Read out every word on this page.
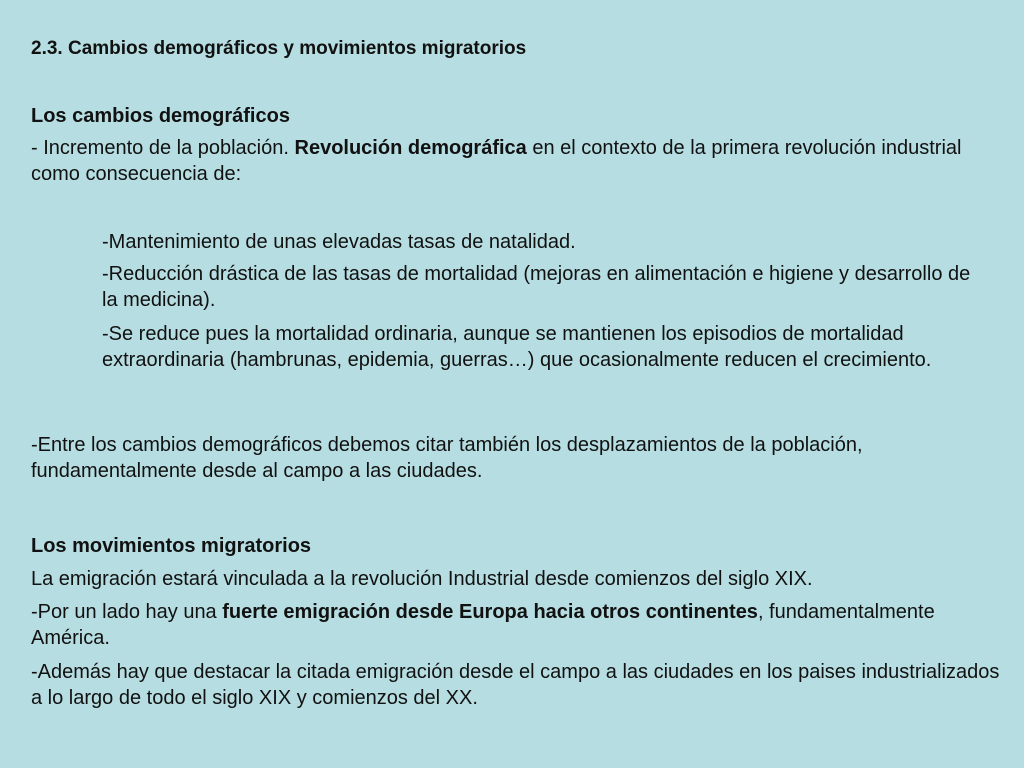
2.3. Cambios demográficos y movimientos migratorios
Los cambios demográficos

- Incremento de la población. Revolución demográfica en el contexto de la primera revolución industrial como consecuencia de:

-Mantenimiento de unas elevadas tasas de natalidad.

-Reducción drástica de las tasas de mortalidad (mejoras en alimentación e higiene y desarrollo de la medicina).

-Se reduce pues la mortalidad ordinaria, aunque se mantienen los episodios de mortalidad extraordinaria (hambrunas, epidemia, guerras…) que ocasionalmente reducen el crecimiento.

-Entre los cambios demográficos debemos citar también los desplazamientos de la población, fundamentalmente desde al campo a las ciudades.

Los movimientos migratorios

La emigración estará vinculada a la revolución Industrial desde comienzos del siglo XIX.

-Por un lado hay una fuerte emigración desde Europa hacia otros continentes, fundamentalmente América.

-Además hay que destacar la citada emigración desde el campo a las ciudades en los paises industrializados a lo largo de todo el siglo XIX y comienzos del XX.
